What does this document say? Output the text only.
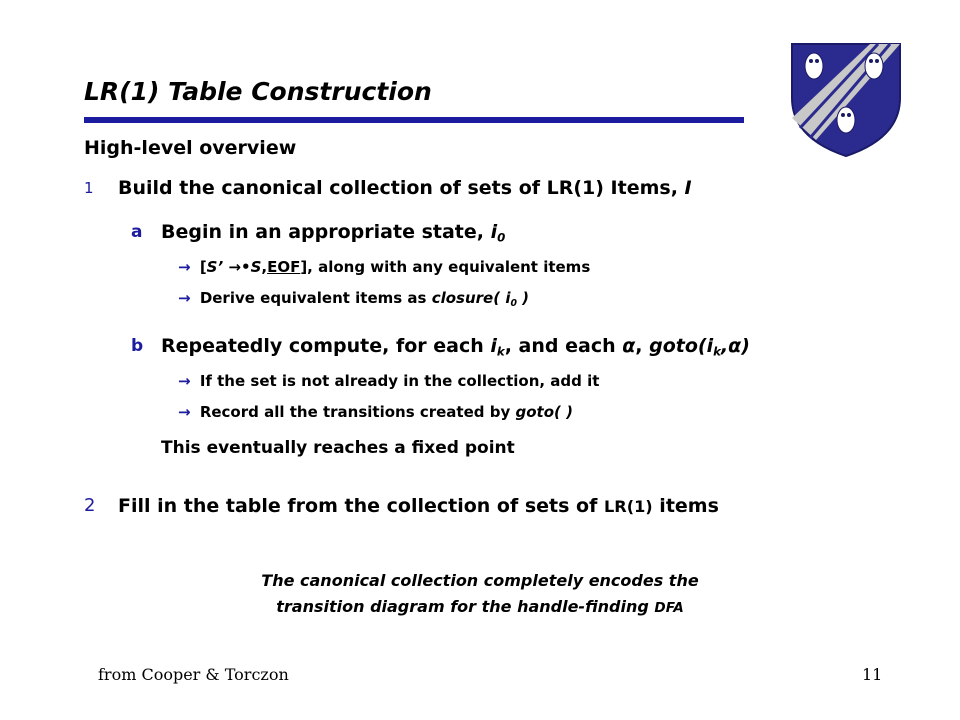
LR(1) Table Construction
High-level overview
1 Build the canonical collection of sets of LR(1) Items, I
a Begin in an appropriate state, $i_0$
→ [S’ →•S,EOF], along with any equivalent items
→ Derive equivalent items as closure( $i_0$ )
b Repeatedly compute, for each $i_k$, and each α, $goto(i_k,\alpha)$
→ If the set is not already in the collection, add it
→ Record all the transitions created by goto( )
This eventually reaches a fixed point
2 Fill in the table from the collection of sets of LR(1) items
The canonical collection completely encodes the
transition diagram for the handle-finding DFA
from Cooper & Torczon	11
